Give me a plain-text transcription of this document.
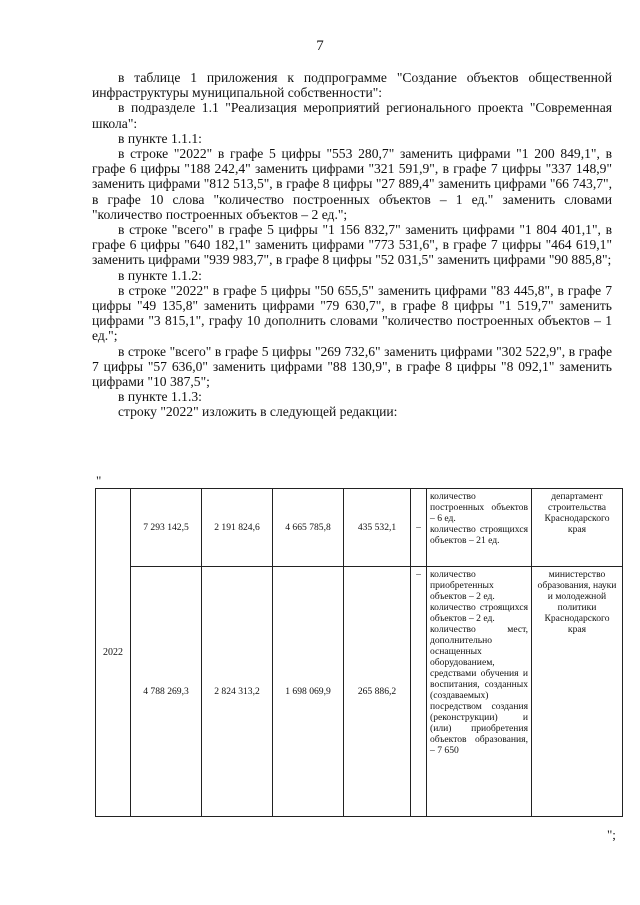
7

в таблице 1 приложения к подпрограмме "Создание объектов общественной инфраструктуры муниципальной собственности":

в подразделе 1.1 "Реализация мероприятий регионального проекта "Современная школа":

в пункте 1.1.1:

в строке "2022" в графе 5 цифры "553 280,7" заменить цифрами "1 200 849,1", в графе 6 цифры "188 242,4" заменить цифрами "321 591,9", в графе 7 цифры "337 148,9" заменить цифрами "812 513,5", в графе 8 цифры "27 889,4" заменить цифрами "66 743,7", в графе 10 слова "количество построенных объектов – 1 ед." заменить словами "количество построенных объектов – 2 ед.";

в строке "всего" в графе 5 цифры "1 156 832,7" заменить цифрами "1 804 401,1", в графе 6 цифры "640 182,1" заменить цифрами "773 531,6", в графе 7 цифры "464 619,1" заменить цифрами "939 983,7", в графе 8 цифры "52 031,5" заменить цифрами "90 885,8";

в пункте 1.1.2:

в строке "2022" в графе 5 цифры "50 655,5" заменить цифрами "83 445,8", в графе 7 цифры "49 135,8" заменить цифрами "79 630,7", в графе 8 цифры "1 519,7" заменить цифрами "3 815,1", графу 10 дополнить словами "количество построенных объектов – 1 ед.";

в строке "всего" в графе 5 цифры "269 732,6" заменить цифрами "302 522,9", в графе 7 цифры "57 636,0" заменить цифрами "88 130,9", в графе 8 цифры "8 092,1" заменить цифрами "10 387,5";

в пункте 1.1.3:

строку "2022" изложить в следующей редакции:

"
2022	7 293 142,5	2 191 824,6	4 665 785,8	435 532,1	–	количество построенных объектов – 6 ед.
количество строящихся объектов – 21 ед.	департамент строительства Краснодарского края
	4 788 269,3	2 824 313,2	1 698 069,9	265 886,2	–	количество приобретенных объектов – 2 ед.
количество строящихся объектов – 2 ед.
количество мест, дополнительно оснащенных оборудованием, средствами обучения и воспитания, созданных (создаваемых) посредством создания (реконструкции) и (или) приобретения объектов образования, – 7 650	министерство образования, науки и молодежной политики Краснодарского края
";
